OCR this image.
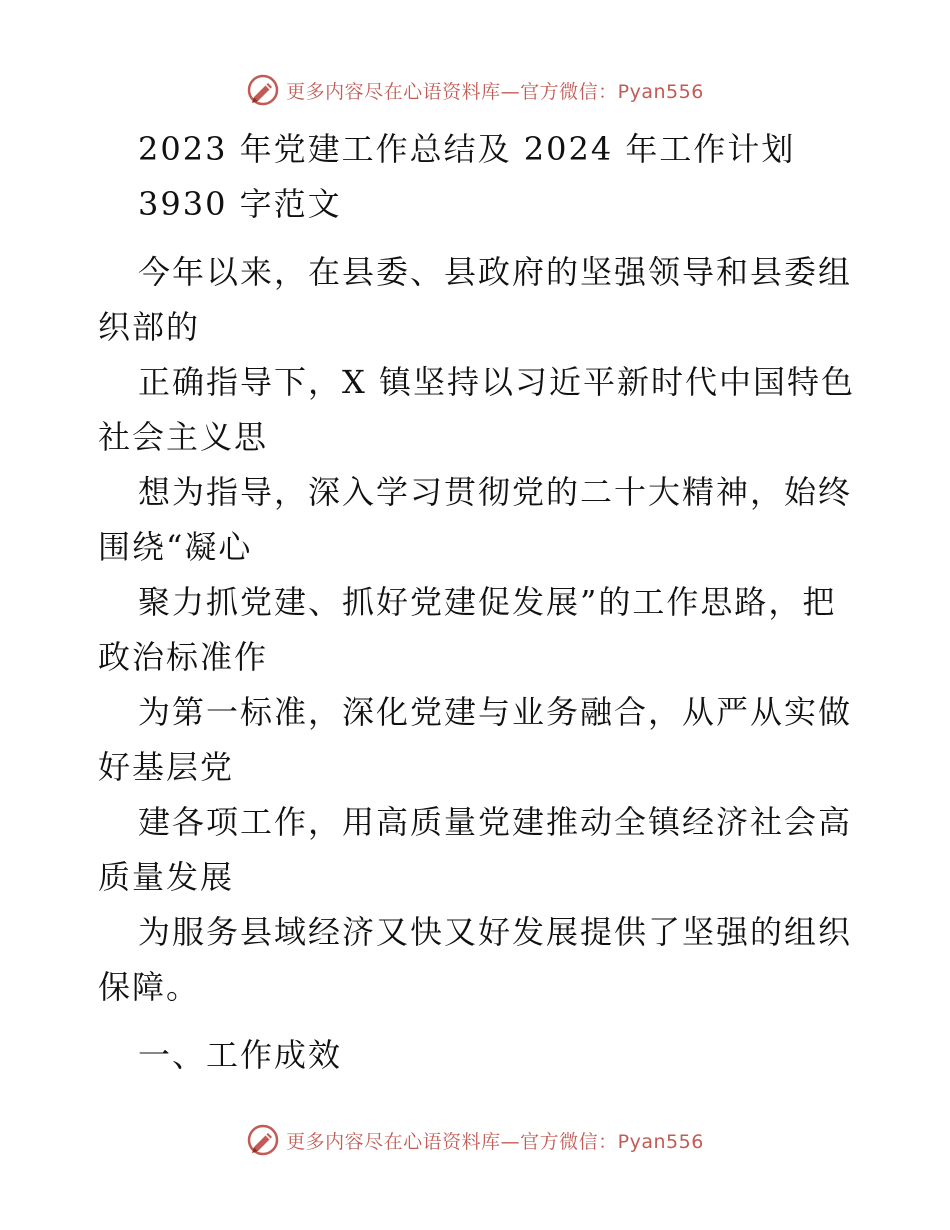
更多内容尽在心语资料库—官方微信：Pyan556
2023 年党建工作总结及 2024 年工作计划
3930 字范文
今年以来，在县委、县政府的坚强领导和县委组
织部的
正确指导下，X 镇坚持以习近平新时代中国特色
社会主义思
想为指导，深入学习贯彻党的二十大精神，始终
围绕“凝心
聚力抓党建、抓好党建促发展”的工作思路，把
政治标准作
为第一标准，深化党建与业务融合，从严从实做
好基层党
建各项工作，用高质量党建推动全镇经济社会高
质量发展
为服务县域经济又快又好发展提供了坚强的组织
保障。
一、工作成效
更多内容尽在心语资料库—官方微信：Pyan556
